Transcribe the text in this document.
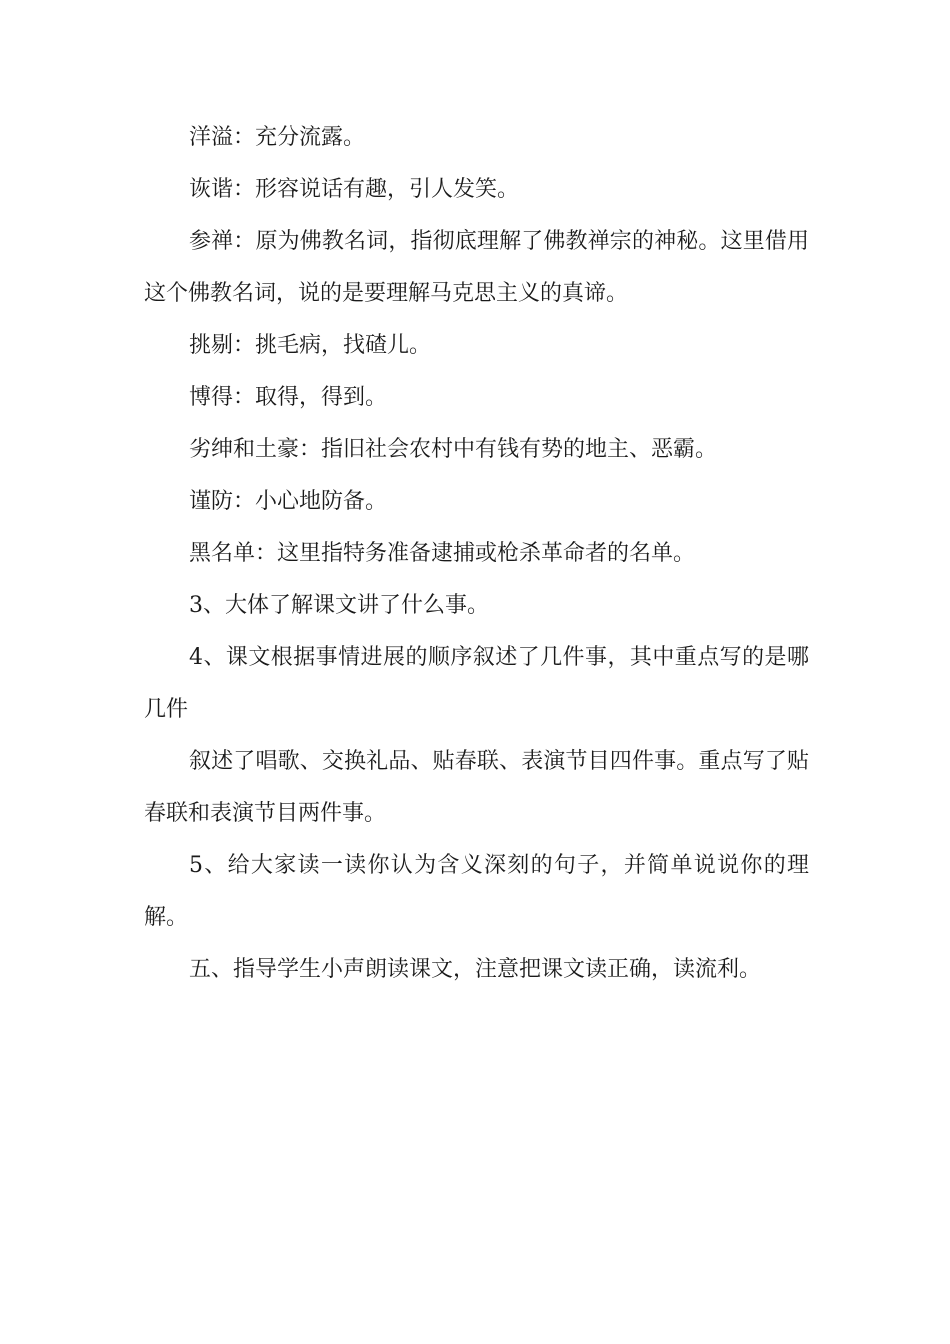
洋溢：充分流露。

诙谐：形容说话有趣，引人发笑。

参禅：原为佛教名词，指彻底理解了佛教禅宗的神秘。这里借用这个佛教名词，说的是要理解马克思主义的真谛。

挑剔：挑毛病，找碴儿。

博得：取得，得到。

劣绅和土豪：指旧社会农村中有钱有势的地主、恶霸。

谨防：小心地防备。

黑名单：这里指特务准备逮捕或枪杀革命者的名单。

3、大体了解课文讲了什么事。

4、课文根据事情进展的顺序叙述了几件事，其中重点写的是哪几件

叙述了唱歌、交换礼品、贴春联、表演节目四件事。重点写了贴春联和表演节目两件事。

5、给大家读一读你认为含义深刻的句子，并简单说说你的理解。

五、指导学生小声朗读课文，注意把课文读正确，读流利。
